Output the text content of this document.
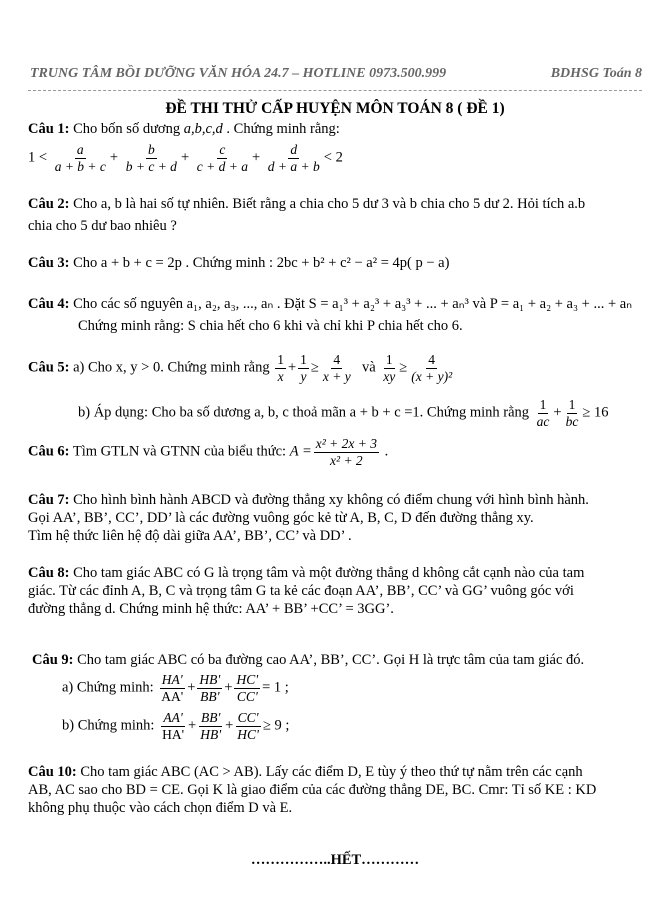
TRUNG TÂM BỒI DƯỠNG VĂN HÓA 24.7 – HOTLINE 0973.500.999	BDHSG Toán 8
ĐỀ THI THỬ CẤP HUYỆN MÔN TOÁN 8 ( ĐỀ 1)
Câu 1: Cho bốn số dương a,b,c,d . Chứng minh rằng:
$1 < \frac{a}{a + b + c} + \frac{b}{b + c + d} + \frac{c}{c + d + a} + \frac{d}{d + a + b} < 2$
Câu 2: Cho a, b là hai số tự nhiên. Biết rằng a chia cho 5 dư 3 và b chia cho 5 dư 2. Hỏi tích a.b
chia cho 5 dư bao nhiêu ?
Câu 3: Cho a + b + c = 2p . Chứng minh : 2bc + b² + c² − a² = 4p( p − a)
Câu 4: Cho các số nguyên a₁, a₂, a₃, ..., aₙ . Đặt S = a₁³ + a₂³ + a₃³ + ... + aₙ³ và P = a₁ + a₂ + a₃ + ... + aₙ
Chứng minh rằng: S chia hết cho 6 khi và chỉ khi P chia hết cho 6.
Câu 5: a) Cho x, y > 0. Chứng minh rằng $\frac{1}{x} + \frac{1}{y} \ge \frac{4}{x + y}$ và $\frac{1}{xy} \ge \frac{4}{\text{(x + y)²}}$
b) Áp dụng: Cho ba số dương a, b, c thoả mãn a + b + c =1. Chứng minh rằng $\frac{1}{ac} + \frac{1}{bc} \ge 16$
Câu 6: Tìm GTLN và GTNN của biểu thức: $A = \frac{\text{x² + 2x + 3}}{\text{x² + 2}}$ .
Câu 7: Cho hình bình hành ABCD và đường thẳng xy không có điểm chung với hình bình hành.
Gọi AA’, BB’, CC’, DD’ là các đường vuông góc kẻ từ A, B, C, D đến đường thẳng xy.
Tìm hệ thức liên hệ độ dài giữa AA’, BB’, CC’ và DD’ .
Câu 8: Cho tam giác ABC có G là trọng tâm và một đường thẳng d không cắt cạnh nào của tam
giác. Từ các đỉnh A, B, C và trọng tâm G ta kẻ các đoạn AA’, BB’, CC’ và GG’ vuông góc với
đường thẳng d. Chứng minh hệ thức: AA’ + BB’ +CC’ = 3GG’.
Câu 9: Cho tam giác ABC có ba đường cao AA’, BB’, CC’. Gọi H là trực tâm của tam giác đó.
a) Chứng minh: $\frac{HA'}{AA'} + \frac{HB'}{BB'} + \frac{HC'}{CC'} = 1$ ;
b) Chứng minh: $\frac{AA'}{HA'} + \frac{BB'}{HB'} + \frac{CC'}{HC'} \ge 9$ ;
Câu 10: Cho tam giác ABC (AC > AB). Lấy các điểm D, E tùy ý theo thứ tự nằm trên các cạnh
AB, AC sao cho BD = CE. Gọi K là giao điểm của các đường thẳng DE, BC. Cmr: Tỉ số KE : KD
không phụ thuộc vào cách chọn điểm D và E.
……………..HẾT…………
